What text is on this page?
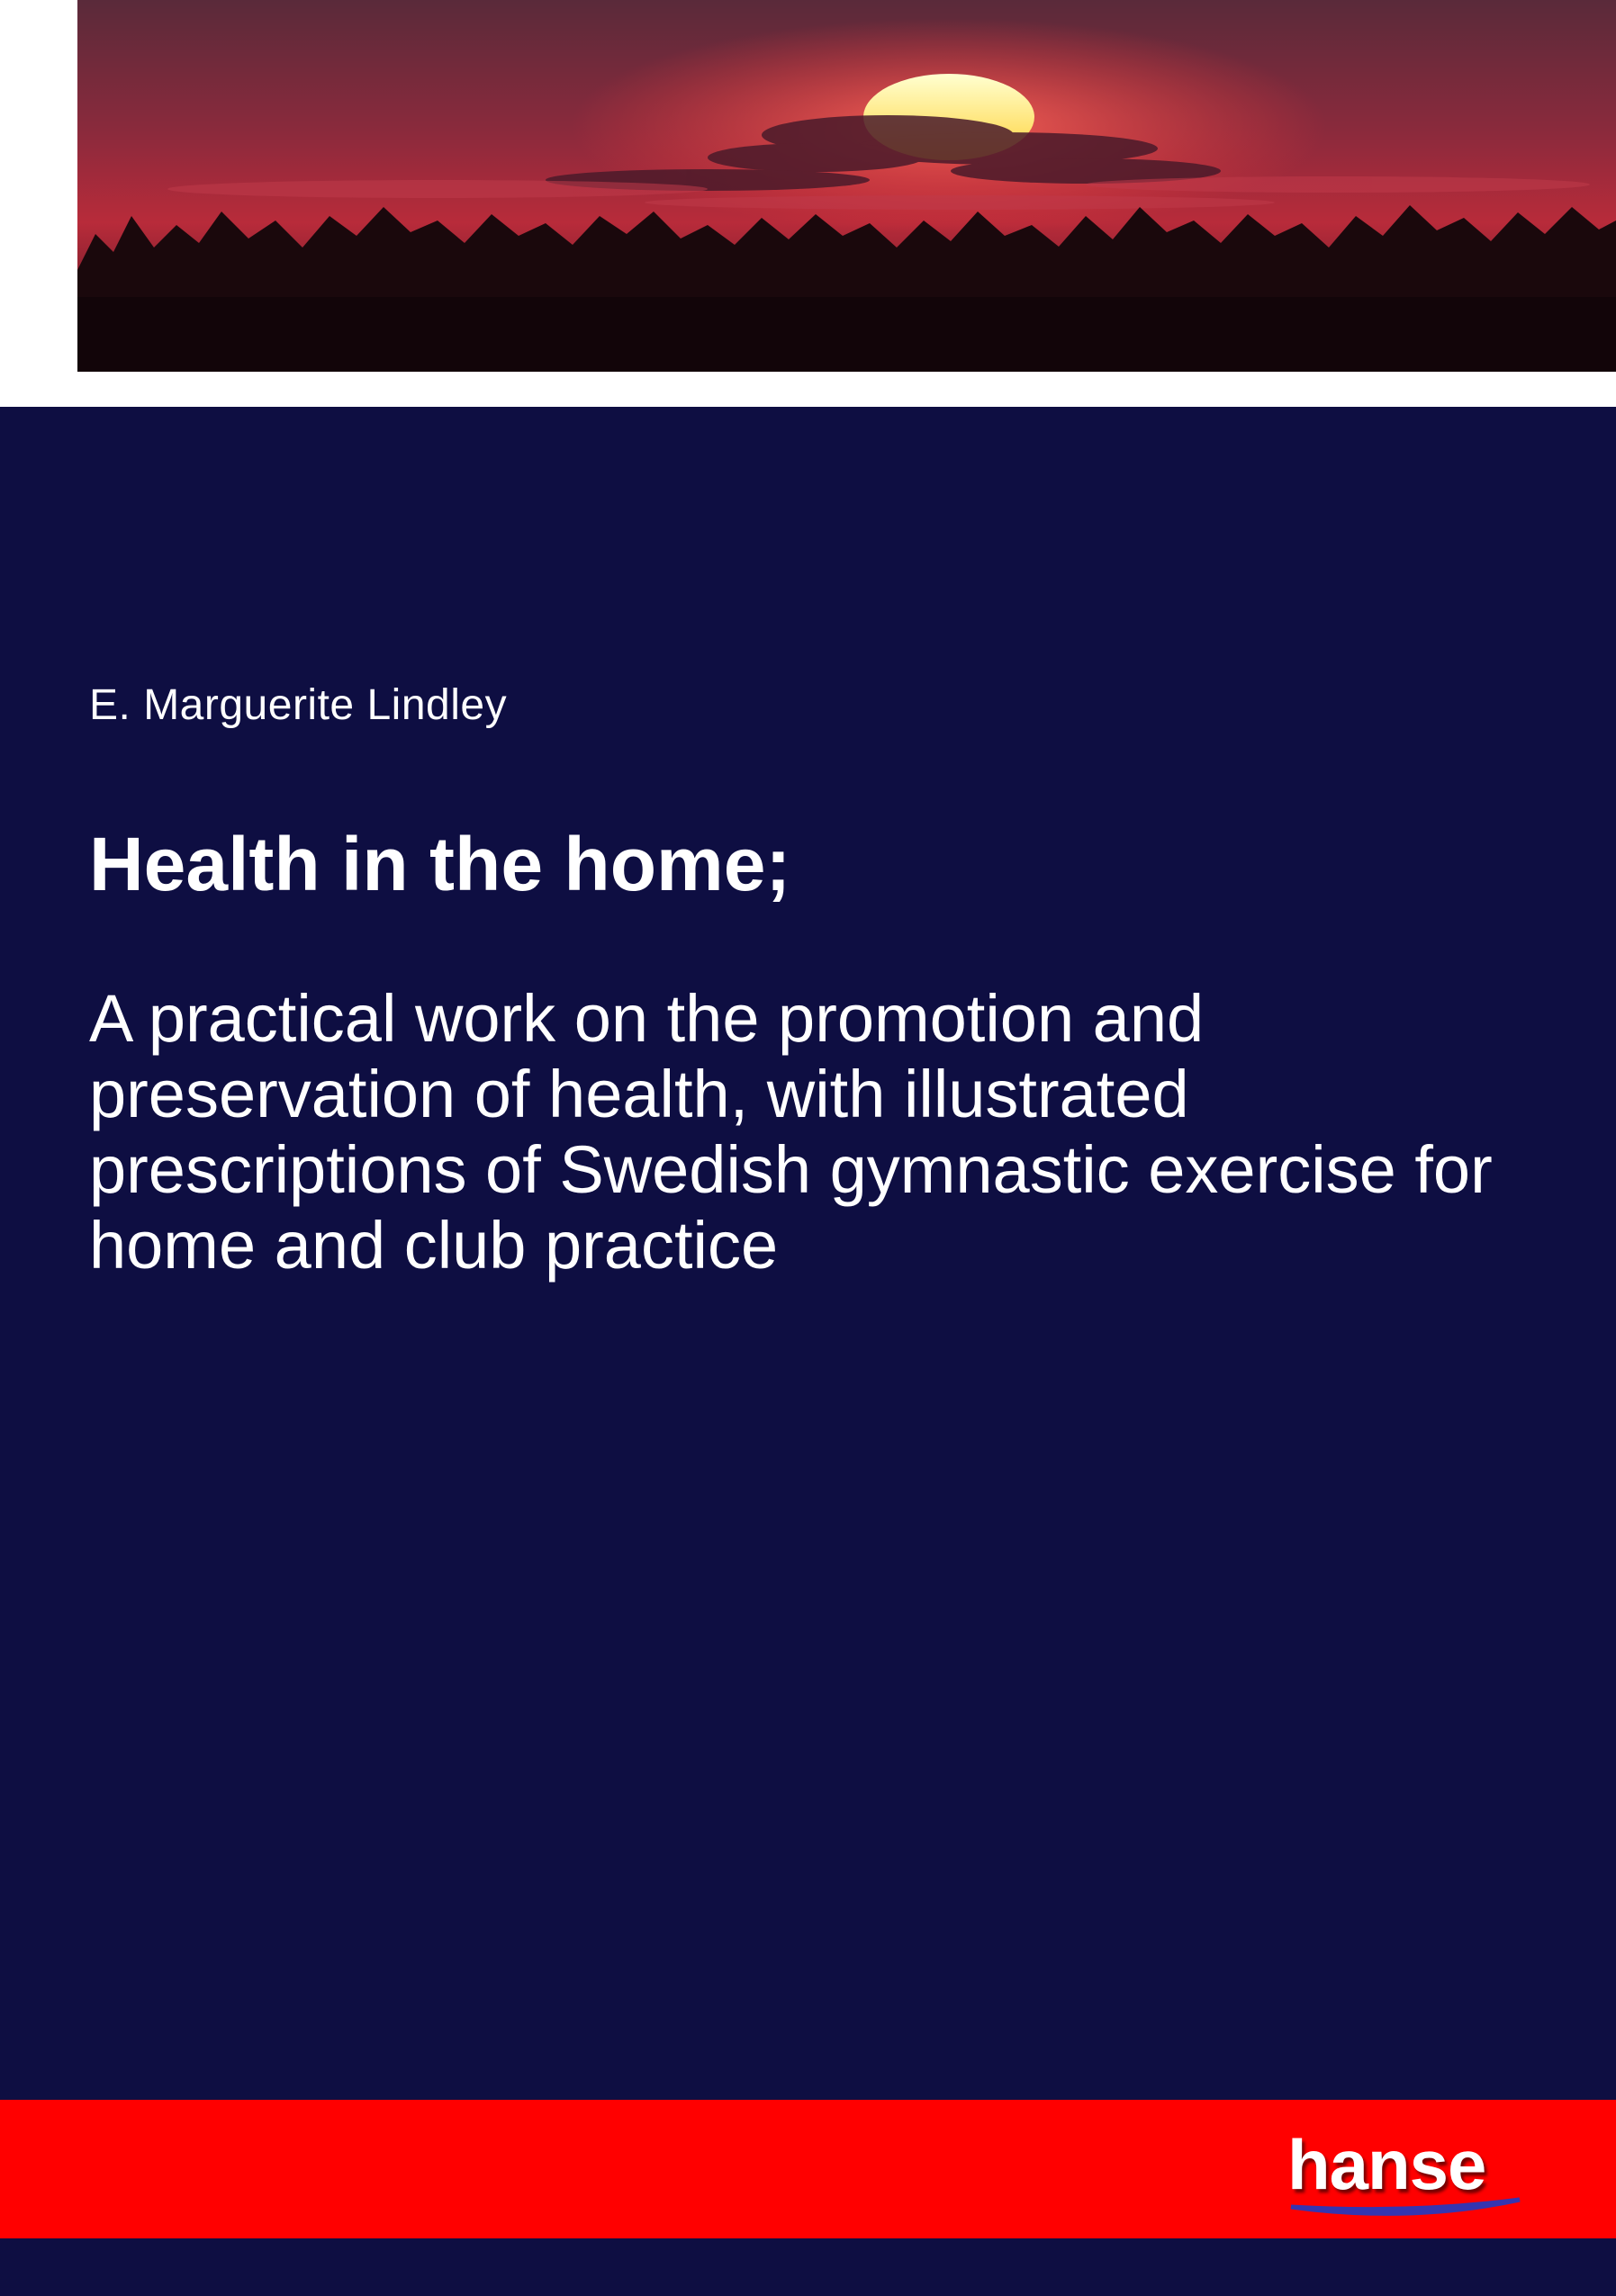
E. Marguerite Lindley
Health in the home;
A practical work on the promotion and preservation of health, with illustrated prescriptions of Swedish gymnastic exercise for home and club practice
hanse
